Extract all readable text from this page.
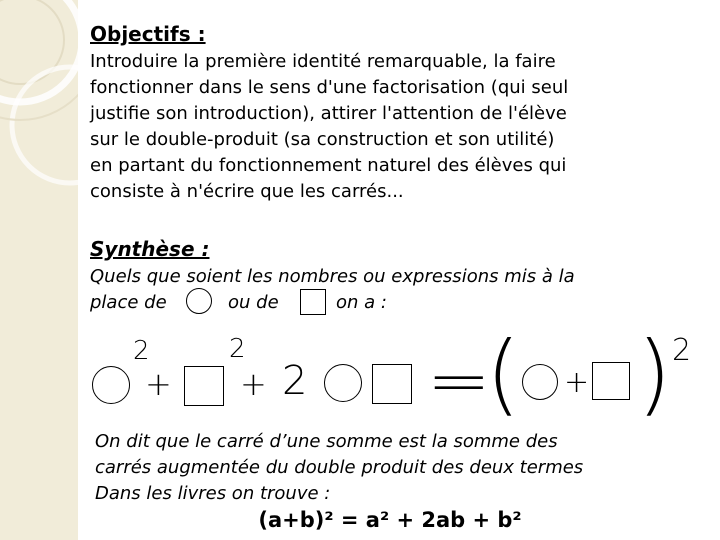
Objectifs :
Introduire la première identité remarquable, la faire
fonctionner dans le sens d'une factorisation (qui seul
justifie son introduction), attirer l'attention de l'élève
sur le double-produit (sa construction et son utilité)
en partant du fonctionnement naturel des élèves qui
consiste à n'écrire que les carrés...
Synthèse :
Quels que soient les nombres ou expressions mis à la
place de	ou de	on a :
2
+
2
+ 2 =
( + ) 2
On dit que le carré d’une somme est la somme des
carrés augmentée du double produit des deux termes
Dans les livres on trouve :
(a+b)² = a² + 2ab + b²
